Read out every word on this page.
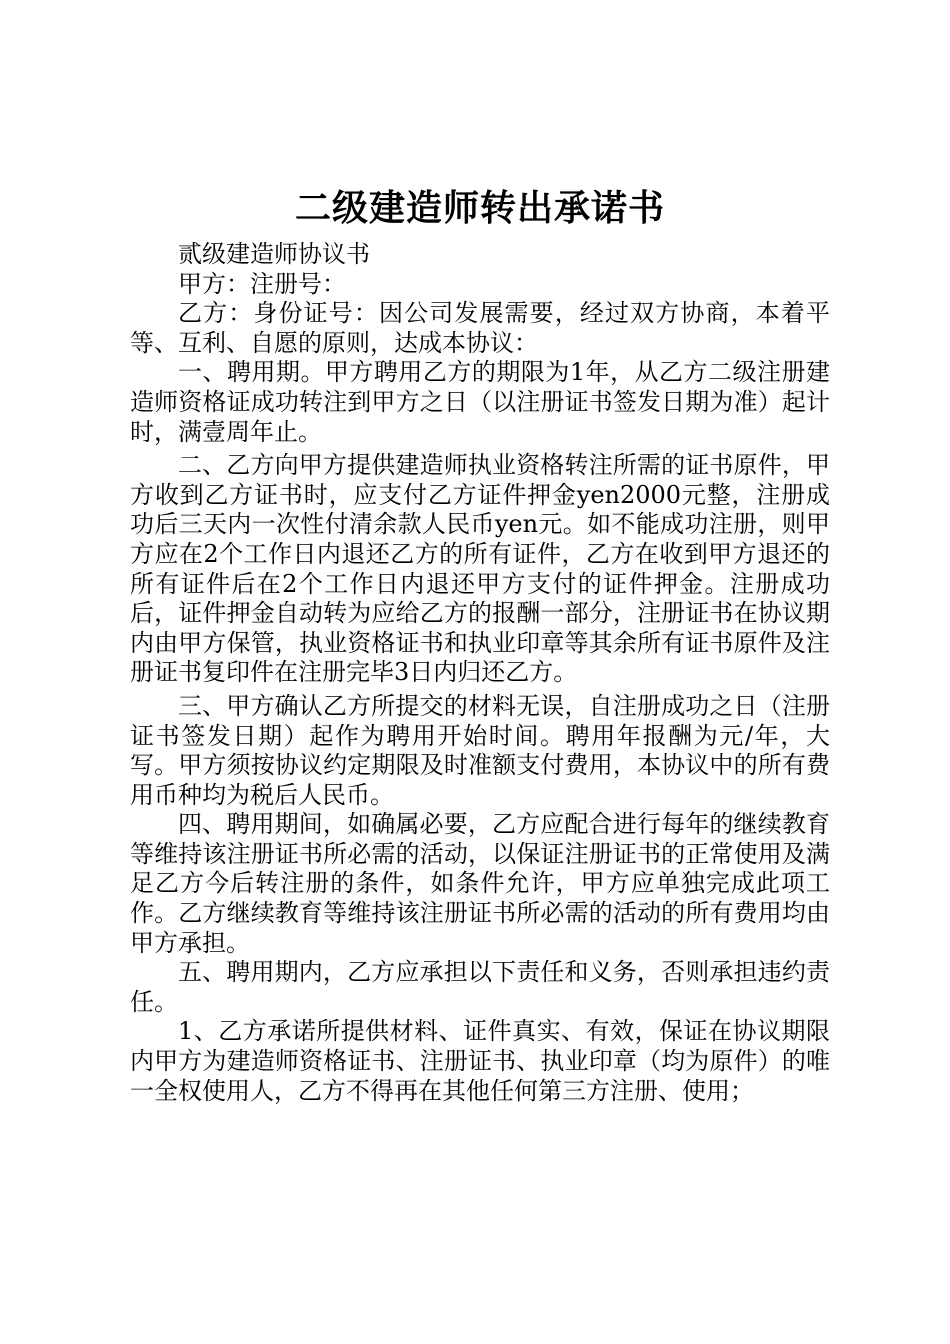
二级建造师转出承诺书

贰级建造师协议书

甲方：注册号：

乙方：身份证号：因公司发展需要，经过双方协商，本着平等、互利、自愿的原则，达成本协议：

一、聘用期。甲方聘用乙方的期限为1年，从乙方二级注册建造师资格证成功转注到甲方之日（以注册证书签发日期为准）起计时，满壹周年止。

二、乙方向甲方提供建造师执业资格转注所需的证书原件，甲方收到乙方证书时，应支付乙方证件押金yen2000元整，注册成功后三天内一次性付清余款人民币yen元。如不能成功注册，则甲方应在2个工作日内退还乙方的所有证件，乙方在收到甲方退还的所有证件后在2个工作日内退还甲方支付的证件押金。注册成功后，证件押金自动转为应给乙方的报酬一部分，注册证书在协议期内由甲方保管，执业资格证书和执业印章等其余所有证书原件及注册证书复印件在注册完毕3日内归还乙方。

三、甲方确认乙方所提交的材料无误，自注册成功之日（注册证书签发日期）起作为聘用开始时间。聘用年报酬为元/年，大写。甲方须按协议约定期限及时准额支付费用，本协议中的所有费用币种均为税后人民币。

四、聘用期间，如确属必要，乙方应配合进行每年的继续教育等维持该注册证书所必需的活动，以保证注册证书的正常使用及满足乙方今后转注册的条件，如条件允许，甲方应单独完成此项工作。乙方继续教育等维持该注册证书所必需的活动的所有费用均由甲方承担。

五、聘用期内，乙方应承担以下责任和义务，否则承担违约责任。

1、乙方承诺所提供材料、证件真实、有效，保证在协议期限内甲方为建造师资格证书、注册证书、执业印章（均为原件）的唯一全权使用人，乙方不得再在其他任何第三方注册、使用；
